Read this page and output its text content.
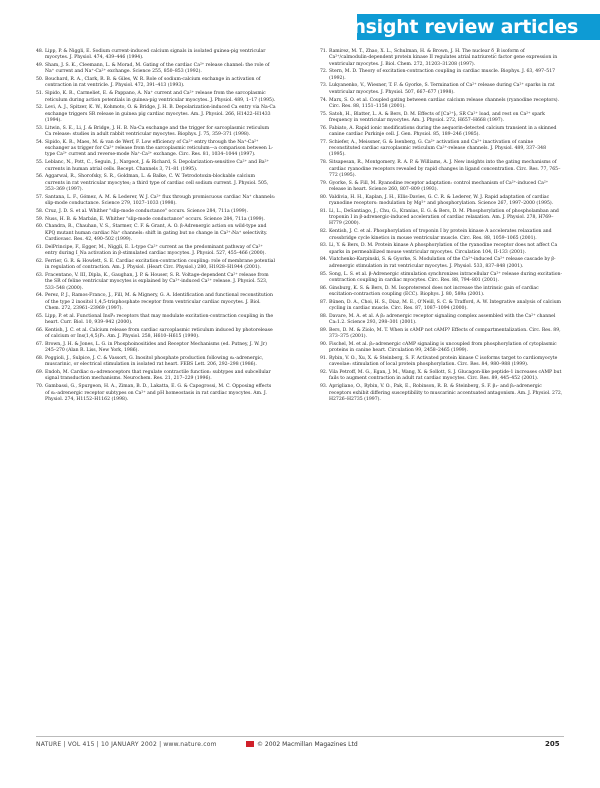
insight review articles
48. Lipp, P. & Niggli, E. Sodium current-induced calcium signals in isolated guinea-pig ventricular myocytes. J. Physiol. 474, 439–446 (1994).
49. Sham, J. S. K., Cleemann, L. & Morad, M. Gating of the cardiac Ca²⁺ release channel: the role of Na⁺ current and Na⁺-Ca²⁺ exchange. Science 255, 850–853 (1992).
50. Bouchard, R. A., Clark, R. B. & Giles, W. R. Role of sodium-calcium exchange in activation of contraction in rat ventricle. J. Physiol. 472, 391–413 (1993).
51. Sipido, K. R., Carmeliet, E. & Pappano, A. Na⁺ current and Ca²⁺ release from the sarcoplasmic reticulum during action potentials in guinea-pig ventricular myocytes. J. Physiol. 489, 1–17 (1995).
52. Levi, A. J., Spitzer, K. W., Kohmoto, O. & Bridge, J. H. B. Depolarization-induced Ca entry via Na-Ca exchange triggers SR release in guinea pig cardiac myocytes. Am. J. Physiol. 266, H1422–H1433 (1994).
53. Litwin, S. E., Li, J. & Bridge, J. H. B. Na-Ca exchange and the trigger for sarcoplasmic reticulum Ca release: studies in adult rabbit ventricular myocytes. Biophys. J. 75, 359–371 (1998).
54. Sipido, K. R., Maes, M. & van de Werf, F. Low efficiency of Ca²⁺ entry through the Na⁺-Ca²⁺ exchanger as trigger for Ca²⁺ release from the sarcoplasmic reticulum—a comparison between L-type Ca²⁺ current and reverse-mode Na⁺-Ca²⁺ exchange. Circ. Res. 81, 1034–1044 (1997).
55. Leblanc, N., Pott, C., Seguin, J., Nargeot, J. & Richard, S. Depolarization-sensitive Ca²⁺ and Ba²⁺ currents in human atrial cells. Recept. Channels 3, 71–81 (1995).
56. Aggarwal, R., Shorofsky, S. R., Goldman, L. & Balke, C. W. Tetrodotoxin-blockable calcium currents in rat ventricular myocytes; a third type of cardiac cell sodium current. J. Physiol. 505, 353–369 (1997).
57. Santana, L. F., Gómez, A. M. & Lederer, W. J. Ca²⁺ flux through promiscuous cardiac Na⁺ channels: slip-mode conductance. Science 279, 1027–1033 (1998).
58. Cruz, J. D. S. et al. Whither "slip-mode conductance" occurs. Science 284, 711a (1999).
59. Nuss, H. B. & Marbán, E. Whither "slip-mode conductance" occurs. Science 284, 711a (1999).
60. Chandra, R., Chauhan, V. S., Starmer, C. F. & Grant, A. O. β-Adrenergic action on wild-type and KPQ mutant human cardiac Na⁺ channels: shift in gating but no change in Ca²⁺:Na⁺ selectivity. Cardiovasc. Res. 42, 490–502 (1999).
61. DelPrincipe, F., Egger, M., Niggli, E. L-type Ca²⁺ current as the predominant pathway of Ca²⁺ entry during I_Na activation in β-stimulated cardiac myocytes. J. Physiol. 527, 455–466 (2000).
62. Ferrier, G. R. & Howlett, S. E. Cardiac excitation-contraction coupling: role of membrane potential in regulation of contraction. Am. J. Physiol. (Heart Circ. Physiol.) 280, H1928–H1944 (2001).
63. Fracentano, V. III, Dipla, K., Gaughan, J. P. & Houser, S. R. Voltage-dependent Ca²⁺ release from the SR of feline ventricular myocytes is explained by Ca²⁺-induced Ca²⁺ release. J. Physiol. 523, 533–548 (2000).
64. Perez, P. J., Ramos-Franco, J., Fill, M. & Mignery, G. A. Identification and functional reconstitution of the type 2 inositol 1,4,5-trisphosphate receptor from ventricular cardiac myocytes. J. Biol. Chem. 272, 23961–23969 (1997).
65. Lipp, P. et al. Functional InsP₃ receptors that may modulate excitation-contraction coupling in the heart. Curr. Biol. 10, 939–942 (2000).
66. Kentish, J. C. et al. Calcium release from cardiac sarcoplasmic reticulum induced by photorelease of calcium or Ins(1,4,5)P₃. Am. J. Physiol. 258, H610–H615 (1990).
67. Brown, J. H. & Jones, L. G. in Phosphoinositides and Receptor Mechanisms (ed. Putney, J. W. Jr) 245–270 (Alan R. Liss, New York, 1986).
68. Poggioli, J., Sulpice, J. C. & Vassort, G. Inositol phosphate production following α₁-adrenergic, muscarinic, or electrical stimulation in isolated rat heart. FEBS Lett. 206, 292–298 (1986).
69. Endoh, M. Cardiac α₁-adrenoceptors that regulate contractile function: subtypes and subcellular signal transduction mechanisms. Neurochem. Res. 21, 217–229 (1996).
70. Gambassi, G., Spurgeon, H. A., Ziman, B. D., Lakatta, E. G. & Capogrossi, M. C. Opposing effects of α₁-adrenergic receptor subtypes on Ca²⁺ and pH homeostasis in rat cardiac myocytes. Am. J. Physiol. 274, H1152–H1162 (1998).
71. Ramirez, M. T., Zhao, X. L., Schulman, H. & Brown, J. H. The nuclear δ_B isoform of Ca²⁺/calmodulin-dependent protein kinase II regulates atrial natriuretic factor gene expression in ventricular myocytes. J. Biol. Chem. 272, 31203–31208 (1997).
72. Stern, M. D. Theory of excitation-contraction coupling in cardiac muscle. Biophys. J. 63, 497–517 (1992).
73. Lukyanenko, V., Wiesner, T. F. & Gyorke, S. Termination of Ca²⁺ release during Ca²⁺ sparks in rat ventricular myocytes. J. Physiol. 507, 667–677 (1998).
74. Marx, S. O. et al. Coupled gating between cardiac calcium release channels (ryanodine receptors). Circ. Res. 88, 1151–1158 (2001).
75. Satoh, H., Blatter, L. A. & Bers, D. M. Effects of [Ca²⁺]ᵢ, SR Ca²⁺ load, and rest on Ca²⁺ spark frequency in ventricular myocytes. Am. J. Physiol. 272, H657–H668 (1997).
76. Fabiato, A. Rapid ionic modifications during the aequorin-detected calcium transient in a skinned canine cardiac Purkinje cell. J. Gen. Physiol. 85, 189–246 (1985).
77. Schiefer, A., Meissner, G. & Isenberg, G. Ca²⁺ activation and Ca²⁺ inactivation of canine reconstituted cardiac sarcoplasmic reticulum Ca²⁺-release channels. J. Physiol. 489, 337–348 (1995).
78. Sitsapesan, R., Montgomery, R. A. P. & Williams, A. J. New insights into the gating mechanisms of cardiac ryanodine receptors revealed by rapid changes in ligand concentration. Circ. Res. 77, 765–772 (1995).
79. Gyorke, S. & Fill, M. Ryanodine receptor adaptation: control mechanism of Ca²⁺-induced Ca²⁺ release in heart. Science 260, 807–809 (1993).
80. Valdivia, H. H., Kaplan, J. H., Ellis-Davies, G. C. R. & Lederer, W. J. Rapid adaptation of cardiac ryanodine receptors: modulation by Mg²⁺ and phosphorylation. Science 267, 1997–2000 (1995).
81. Li, L., DeSantiago, J., Chu, G., Kranias, E. G. & Bers, D. M. Phosphorylation of phospholamban and troponin I in β-adrenergic-induced acceleration of cardiac relaxation. Am. J. Physiol. 278, H769–H779 (2000).
82. Kentish, J. C. et al. Phosphorylation of troponin I by protein kinase A accelerates relaxation and crossbridge cycle kinetics in mouse ventricular muscle. Circ. Res. 88, 1059–1065 (2001).
83. Li, Y. & Bers, D. M. Protein kinase A phosphorylation of the ryanodine receptor does not affect Ca sparks in permeabilized mouse ventricular myocytes. Circulation 104, II-133 (2001).
84. Viatchenko-Karpinski, S. & Gyorke, S. Modulation of the Ca²⁺-induced Ca²⁺ release cascade by β-adrenergic stimulation in rat ventricular myocytes. J. Physiol. 533, 837–848 (2001).
85. Song, L. S. et al. β-Adrenergic stimulation synchronizes intracellular Ca²⁺ release during excitation-contraction coupling in cardiac myocytes. Circ. Res. 88, 794–801 (2001).
86. Ginsburg, K. S. & Bers, D. M. Isoproterenol does not increase the intrinsic gain of cardiac excitation-contraction coupling (ECC). Biophys. J. 80, 589a (2001).
87. Bünen, D. A., Choi, H. S., Diaz, M. E., O'Neill, S. C. & Trafford, A. W. Integrative analysis of calcium cycling in cardiac muscle. Circ. Res. 87, 1087–1094 (2000).
88. Davare, M. A. et al. A β₂ adrenergic receptor signaling complex assembled with the Ca²⁺ channel Caᵥ1.2. Science 293, 298–301 (2001).
89. Bers, D. M. & Ziolo, M. T. When is cAMP not cAMP? Effects of compartmentalization. Circ. Res. 89, 373–375 (2001).
90. Fischel, M. et al. β₂-adrenergic cAMP signaling is uncoupled from phosphorylation of cytoplasmic proteins in canine heart. Circulation 99, 2458–2465 (1999).
91. Rybin, V. O., Xu, X. & Steinberg, S. F. Activated protein kinase C isoforms target to cardiomyocyte caveolae: stimulation of local protein phosphorylation. Circ. Res. 84, 980–988 (1999).
92. Vila Petroff, M. G., Egan, J. M., Wang, X. & Sollott, S. J. Glucagon-like peptide-1 increases cAMP but fails to augment contraction in adult rat cardiac myocytes. Circ. Res. 89, 445–452 (2001).
93. Aprigliano, O., Rybin, V. O., Pak, E., Robinson, R. B. & Steinberg, S. F. β₁- and β₂-adrenergic receptors exhibit differing susceptibility to muscarinic accentuated antagonism. Am. J. Physiol. 272, H2726–H2735 (1997).
NATURE | VOL 415 | 10 JANUARY 2002 | www.nature.com	© 2002 Macmillan Magazines Ltd	205
